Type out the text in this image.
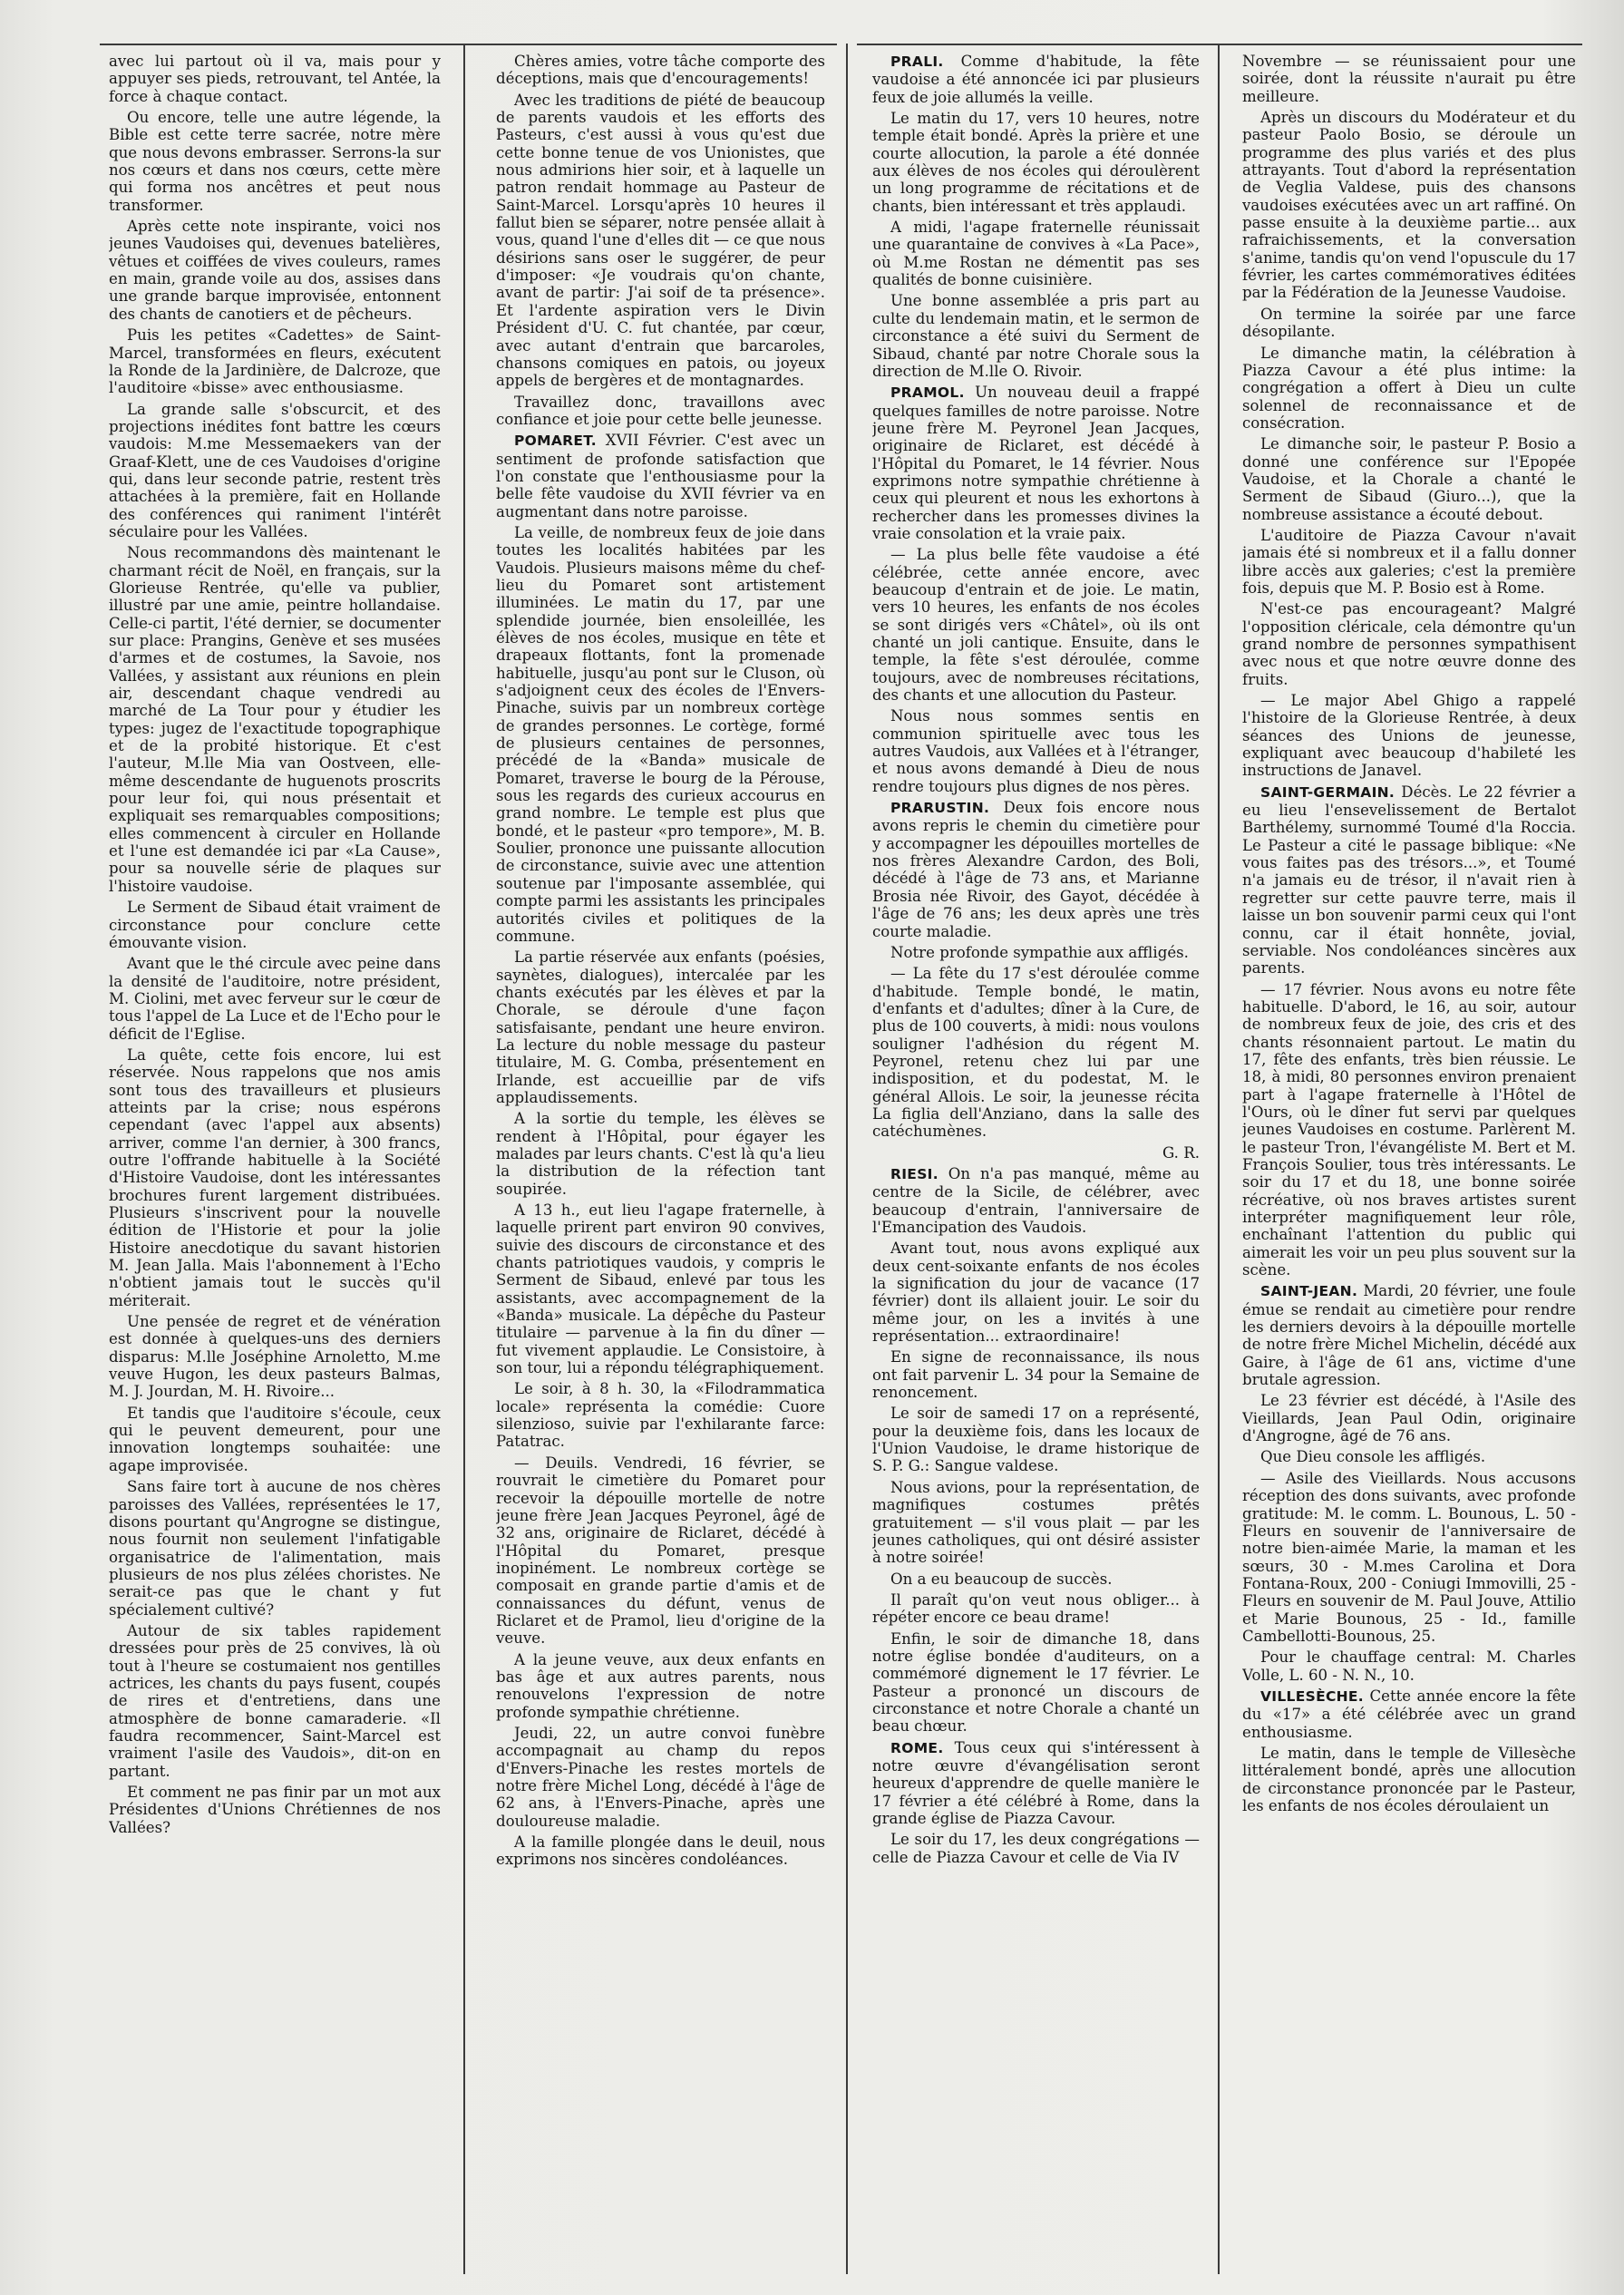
avec lui partout où il va, mais pour y appuyer ses pieds, retrouvant, tel Antée, la force à chaque contact.

Ou encore, telle une autre légende, la Bible est cette terre sacrée, notre mère que nous devons embrasser. Serrons-la sur nos cœurs et dans nos cœurs, cette mère qui forma nos ancêtres et peut nous transformer.

Après cette note inspirante, voici nos jeunes Vaudoises qui, devenues batelières, vêtues et coiffées de vives couleurs, rames en main, grande voile au dos, assises dans une grande barque improvisée, entonnent des chants de canotiers et de pêcheurs.

Puis les petites «Cadettes» de Saint-Marcel, transformées en fleurs, exécutent la Ronde de la Jardinière, de Dalcroze, que l'auditoire «bisse» avec enthousiasme.

La grande salle s'obscurcit, et des projections inédites font battre les cœurs vaudois: M.me Messemaekers van der Graaf-Klett, une de ces Vaudoises d'origine qui, dans leur seconde patrie, restent très attachées à la première, fait en Hollande des conférences qui raniment l'intérêt séculaire pour les Vallées.

Nous recommandons dès maintenant le charmant récit de Noël, en français, sur la Glorieuse Rentrée, qu'elle va publier, illustré par une amie, peintre hollandaise. Celle-ci partit, l'été dernier, se documenter sur place: Prangins, Genève et ses musées d'armes et de costumes, la Savoie, nos Vallées, y assistant aux réunions en plein air, descendant chaque vendredi au marché de La Tour pour y étudier les types: jugez de l'exactitude topographique et de la probité historique. Et c'est l'auteur, M.lle Mia van Oostveen, elle-même descendante de huguenots proscrits pour leur foi, qui nous présentait et expliquait ses remarquables compositions; elles commencent à circuler en Hollande et l'une est demandée ici par «La Cause», pour sa nouvelle série de plaques sur l'histoire vaudoise.

Le Serment de Sibaud était vraiment de circonstance pour conclure cette émouvante vision.

Avant que le thé circule avec peine dans la densité de l'auditoire, notre président, M. Ciolini, met avec ferveur sur le cœur de tous l'appel de La Luce et de l'Echo pour le déficit de l'Eglise.

La quête, cette fois encore, lui est réservée. Nous rappelons que nos amis sont tous des travailleurs et plusieurs atteints par la crise; nous espérons cependant (avec l'appel aux absents) arriver, comme l'an dernier, à 300 francs, outre l'offrande habituelle à la Société d'Histoire Vaudoise, dont les intéressantes brochures furent largement distribuées. Plusieurs s'inscrivent pour la nouvelle édition de l'Historie et pour la jolie Histoire anecdotique du savant historien M. Jean Jalla. Mais l'abonnement à l'Echo n'obtient jamais tout le succès qu'il mériterait.

Une pensée de regret et de vénération est donnée à quelques-uns des derniers disparus: M.lle Joséphine Arnoletto, M.me veuve Hugon, les deux pasteurs Balmas, M. J. Jourdan, M. H. Rivoire...

Et tandis que l'auditoire s'écoule, ceux qui le peuvent demeurent, pour une innovation longtemps souhaitée: une agape improvisée.

Sans faire tort à aucune de nos chères paroisses des Vallées, représentées le 17, disons pourtant qu'Angrogne se distingue, nous fournit non seulement l'infatigable organisatrice de l'alimentation, mais plusieurs de nos plus zélées choristes. Ne serait-ce pas que le chant y fut spécialement cultivé?

Autour de six tables rapidement dressées pour près de 25 convives, là où tout à l'heure se costumaient nos gentilles actrices, les chants du pays fusent, coupés de rires et d'entretiens, dans une atmosphère de bonne camaraderie. «Il faudra recommencer, Saint-Marcel est vraiment l'asile des Vaudois», dit-on en partant.

Et comment ne pas finir par un mot aux Présidentes d'Unions Chrétiennes de nos Vallées?

Chères amies, votre tâche comporte des déceptions, mais que d'encouragements!

Avec les traditions de piété de beaucoup de parents vaudois et les efforts des Pasteurs, c'est aussi à vous qu'est due cette bonne tenue de vos Unionistes, que nous admirions hier soir, et à laquelle un patron rendait hommage au Pasteur de Saint-Marcel. Lorsqu'après 10 heures il fallut bien se séparer, notre pensée allait à vous, quand l'une d'elles dit — ce que nous désirions sans oser le suggérer, de peur d'imposer: «Je voudrais qu'on chante, avant de partir: J'ai soif de ta présence». Et l'ardente aspiration vers le Divin Président d'U. C. fut chantée, par cœur, avec autant d'entrain que barcaroles, chansons comiques en patois, ou joyeux appels de bergères et de montagnardes.

Travaillez donc, travaillons avec confiance et joie pour cette belle jeunesse.

POMARET. XVII Février. C'est avec un sentiment de profonde satisfaction que l'on constate que l'enthousiasme pour la belle fête vaudoise du XVII février va en augmentant dans notre paroisse.

La veille, de nombreux feux de joie dans toutes les localités habitées par les Vaudois. Plusieurs maisons même du chef-lieu du Pomaret sont artistement illuminées. Le matin du 17, par une splendide journée, bien ensoleillée, les élèves de nos écoles, musique en tête et drapeaux flottants, font la promenade habituelle, jusqu'au pont sur le Cluson, où s'adjoignent ceux des écoles de l'Envers-Pinache, suivis par un nombreux cortège de grandes personnes. Le cortège, formé de plusieurs centaines de personnes, précédé de la «Banda» musicale de Pomaret, traverse le bourg de la Pérouse, sous les regards des curieux accourus en grand nombre. Le temple est plus que bondé, et le pasteur «pro tempore», M. B. Soulier, prononce une puissante allocution de circonstance, suivie avec une attention soutenue par l'imposante assemblée, qui compte parmi les assistants les principales autorités civiles et politiques de la commune.

La partie réservée aux enfants (poésies, saynètes, dialogues), intercalée par les chants exécutés par les élèves et par la Chorale, se déroule d'une façon satisfaisante, pendant une heure environ. La lecture du noble message du pasteur titulaire, M. G. Comba, présentement en Irlande, est accueillie par de vifs applaudissements.

A la sortie du temple, les élèves se rendent à l'Hôpital, pour égayer les malades par leurs chants. C'est là qu'a lieu la distribution de la réfection tant soupirée.

A 13 h., eut lieu l'agape fraternelle, à laquelle prirent part environ 90 convives, suivie des discours de circonstance et des chants patriotiques vaudois, y compris le Serment de Sibaud, enlevé par tous les assistants, avec accompagnement de la «Banda» musicale. La dépêche du Pasteur titulaire — parvenue à la fin du dîner — fut vivement applaudie. Le Consistoire, à son tour, lui a répondu télégraphiquement.

Le soir, à 8 h. 30, la «Filodrammatica locale» représenta la comédie: Cuore silenzioso, suivie par l'exhilarante farce: Patatrac.

— Deuils. Vendredi, 16 février, se rouvrait le cimetière du Pomaret pour recevoir la dépouille mortelle de notre jeune frère Jean Jacques Peyronel, âgé de 32 ans, originaire de Riclaret, décédé à l'Hôpital du Pomaret, presque inopinément. Le nombreux cortège se composait en grande partie d'amis et de connaissances du défunt, venus de Riclaret et de Pramol, lieu d'origine de la veuve.

A la jeune veuve, aux deux enfants en bas âge et aux autres parents, nous renouvelons l'expression de notre profonde sympathie chrétienne.

Jeudi, 22, un autre convoi funèbre accompagnait au champ du repos d'Envers-Pinache les restes mortels de notre frère Michel Long, décédé à l'âge de 62 ans, à l'Envers-Pinache, après une douloureuse maladie.

A la famille plongée dans le deuil, nous exprimons nos sincères condoléances.

PRALI. Comme d'habitude, la fête vaudoise a été annoncée ici par plusieurs feux de joie allumés la veille.

Le matin du 17, vers 10 heures, notre temple était bondé. Après la prière et une courte allocution, la parole a été donnée aux élèves de nos écoles qui déroulèrent un long programme de récitations et de chants, bien intéressant et très applaudi.

A midi, l'agape fraternelle réunissait une quarantaine de convives à «La Pace», où M.me Rostan ne démentit pas ses qualités de bonne cuisinière.

Une bonne assemblée a pris part au culte du lendemain matin, et le sermon de circonstance a été suivi du Serment de Sibaud, chanté par notre Chorale sous la direction de M.lle O. Rivoir.

PRAMOL. Un nouveau deuil a frappé quelques familles de notre paroisse. Notre jeune frère M. Peyronel Jean Jacques, originaire de Riclaret, est décédé à l'Hôpital du Pomaret, le 14 février. Nous exprimons notre sympathie chrétienne à ceux qui pleurent et nous les exhortons à rechercher dans les promesses divines la vraie consolation et la vraie paix.

— La plus belle fête vaudoise a été célébrée, cette année encore, avec beaucoup d'entrain et de joie. Le matin, vers 10 heures, les enfants de nos écoles se sont dirigés vers «Châtel», où ils ont chanté un joli cantique. Ensuite, dans le temple, la fête s'est déroulée, comme toujours, avec de nombreuses récitations, des chants et une allocution du Pasteur.

Nous nous sommes sentis en communion spirituelle avec tous les autres Vaudois, aux Vallées et à l'étranger, et nous avons demandé à Dieu de nous rendre toujours plus dignes de nos pères.

PRARUSTIN. Deux fois encore nous avons repris le chemin du cimetière pour y accompagner les dépouilles mortelles de nos frères Alexandre Cardon, des Boli, décédé à l'âge de 73 ans, et Marianne Brosia née Rivoir, des Gayot, décédée à l'âge de 76 ans; les deux après une très courte maladie.

Notre profonde sympathie aux affligés.

— La fête du 17 s'est déroulée comme d'habitude. Temple bondé, le matin, d'enfants et d'adultes; dîner à la Cure, de plus de 100 couverts, à midi: nous voulons souligner l'adhésion du régent M. Peyronel, retenu chez lui par une indisposition, et du podestat, M. le général Allois. Le soir, la jeunesse récita La figlia dell'Anziano, dans la salle des catéchumènes.

G. R.

RIESI. On n'a pas manqué, même au centre de la Sicile, de célébrer, avec beaucoup d'entrain, l'anniversaire de l'Emancipation des Vaudois.

Avant tout, nous avons expliqué aux deux cent-soixante enfants de nos écoles la signification du jour de vacance (17 février) dont ils allaient jouir. Le soir du même jour, on les a invités à une représentation... extraordinaire!

En signe de reconnaissance, ils nous ont fait parvenir L. 34 pour la Semaine de renoncement.

Le soir de samedi 17 on a représenté, pour la deuxième fois, dans les locaux de l'Union Vaudoise, le drame historique de S. P. G.: Sangue valdese.

Nous avions, pour la représentation, de magnifiques costumes prêtés gratuitement — s'il vous plait — par les jeunes catholiques, qui ont désiré assister à notre soirée!

On a eu beaucoup de succès.

Il paraît qu'on veut nous obliger... à répéter encore ce beau drame!

Enfin, le soir de dimanche 18, dans notre église bondée d'auditeurs, on a commémoré dignement le 17 février. Le Pasteur a prononcé un discours de circonstance et notre Chorale a chanté un beau chœur.

ROME. Tous ceux qui s'intéressent à notre œuvre d'évangélisation seront heureux d'apprendre de quelle manière le 17 février a été célébré à Rome, dans la grande église de Piazza Cavour.

Le soir du 17, les deux congrégations — celle de Piazza Cavour et celle de Via IV

Novembre — se réunissaient pour une soirée, dont la réussite n'aurait pu être meilleure.

Après un discours du Modérateur et du pasteur Paolo Bosio, se déroule un programme des plus variés et des plus attrayants. Tout d'abord la représentation de Veglia Valdese, puis des chansons vaudoises exécutées avec un art raffiné. On passe ensuite à la deuxième partie... aux rafraichissements, et la conversation s'anime, tandis qu'on vend l'opuscule du 17 février, les cartes commémoratives éditées par la Fédération de la Jeunesse Vaudoise.

On termine la soirée par une farce désopilante.

Le dimanche matin, la célébration à Piazza Cavour a été plus intime: la congrégation a offert à Dieu un culte solennel de reconnaissance et de consécration.

Le dimanche soir, le pasteur P. Bosio a donné une conférence sur l'Epopée Vaudoise, et la Chorale a chanté le Serment de Sibaud (Giuro...), que la nombreuse assistance a écouté debout.

L'auditoire de Piazza Cavour n'avait jamais été si nombreux et il a fallu donner libre accès aux galeries; c'est la première fois, depuis que M. P. Bosio est à Rome.

N'est-ce pas encourageant? Malgré l'opposition cléricale, cela démontre qu'un grand nombre de personnes sympathisent avec nous et que notre œuvre donne des fruits.

— Le major Abel Ghigo a rappelé l'histoire de la Glorieuse Rentrée, à deux séances des Unions de jeunesse, expliquant avec beaucoup d'habileté les instructions de Janavel.

SAINT-GERMAIN. Décès. Le 22 février a eu lieu l'ensevelissement de Bertalot Barthélemy, surnommé Toumé d'la Roccia. Le Pasteur a cité le passage biblique: «Ne vous faites pas des trésors...», et Toumé n'a jamais eu de trésor, il n'avait rien à regretter sur cette pauvre terre, mais il laisse un bon souvenir parmi ceux qui l'ont connu, car il était honnête, jovial, serviable. Nos condoléances sincères aux parents.

— 17 février. Nous avons eu notre fête habituelle. D'abord, le 16, au soir, autour de nombreux feux de joie, des cris et des chants résonnaient partout. Le matin du 17, fête des enfants, très bien réussie. Le 18, à midi, 80 personnes environ prenaient part à l'agape fraternelle à l'Hôtel de l'Ours, où le dîner fut servi par quelques jeunes Vaudoises en costume. Parlèrent M. le pasteur Tron, l'évangéliste M. Bert et M. François Soulier, tous très intéressants. Le soir du 17 et du 18, une bonne soirée récréative, où nos braves artistes surent interpréter magnifiquement leur rôle, enchaînant l'attention du public qui aimerait les voir un peu plus souvent sur la scène.

SAINT-JEAN. Mardi, 20 février, une foule émue se rendait au cimetière pour rendre les derniers devoirs à la dépouille mortelle de notre frère Michel Michelin, décédé aux Gaire, à l'âge de 61 ans, victime d'une brutale agression.

Le 23 février est décédé, à l'Asile des Vieillards, Jean Paul Odin, originaire d'Angrogne, âgé de 76 ans.

Que Dieu console les affligés.

— Asile des Vieillards. Nous accusons réception des dons suivants, avec profonde gratitude: M. le comm. L. Bounous, L. 50 - Fleurs en souvenir de l'anniversaire de notre bien-aimée Marie, la maman et les sœurs, 30 - M.mes Carolina et Dora Fontana-Roux, 200 - Coniugi Immovilli, 25 - Fleurs en souvenir de M. Paul Jouve, Attilio et Marie Bounous, 25 - Id., famille Cambellotti-Bounous, 25.

Pour le chauffage central: M. Charles Volle, L. 60 - N. N., 10.

VILLESÈCHE. Cette année encore la fête du «17» a été célébrée avec un grand enthousiasme.

Le matin, dans le temple de Villesèche littéralement bondé, après une allocution de circonstance prononcée par le Pasteur, les enfants de nos écoles déroulaient un
